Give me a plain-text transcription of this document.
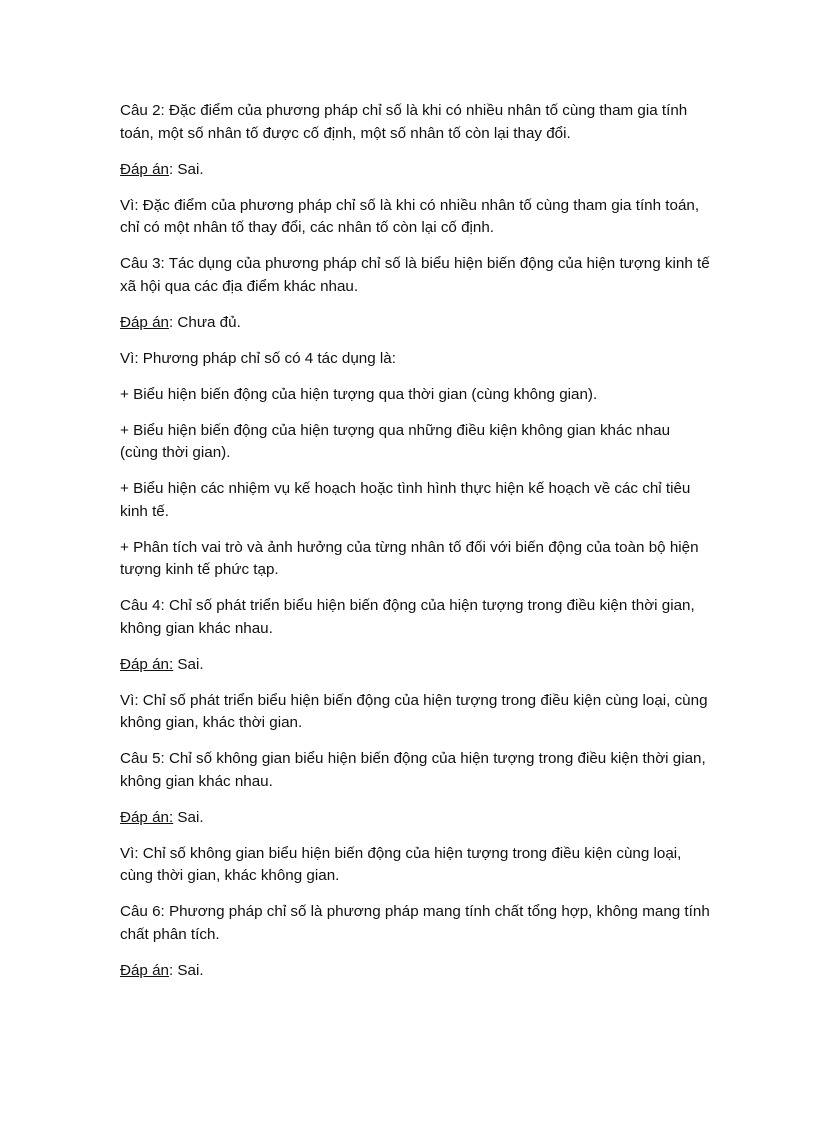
Câu 2: Đặc điểm của phương pháp chỉ số là khi có nhiều nhân tố cùng tham gia tính toán, một số nhân tố được cố định, một số nhân tố còn lại thay đổi.

Đáp án: Sai.

Vì: Đặc điểm của phương pháp chỉ số là khi có nhiều nhân tố cùng tham gia tính toán, chỉ có một nhân tố thay đổi, các nhân tố còn lại cố định.

Câu 3: Tác dụng của phương pháp chỉ số là biểu hiện biến động của hiện tượng kinh tế xã hội qua các địa điểm khác nhau.

Đáp án: Chưa đủ.

Vì: Phương pháp chỉ số có 4 tác dụng là:

+ Biểu hiện biến động của hiện tượng qua thời gian (cùng không gian).

+ Biểu hiện biến động của hiện tượng qua những điều kiện không gian khác nhau (cùng thời gian).

+ Biểu hiện các nhiệm vụ kế hoạch hoặc tình hình thực hiện kế hoạch về các chỉ tiêu kinh tế.

+ Phân tích vai trò và ảnh hưởng của từng nhân tố đối với biến động của toàn bộ hiện tượng kinh tế phức tạp.

Câu 4: Chỉ số phát triển biểu hiện biến động của hiện tượng trong điều kiện thời gian, không gian khác nhau.

Đáp án: Sai.

Vì: Chỉ số phát triển biểu hiện biến động của hiện tượng trong điều kiện cùng loại, cùng không gian, khác thời gian.

Câu 5: Chỉ số không gian biểu hiện biến động của hiện tượng trong điều kiện thời gian, không gian khác nhau.

Đáp án: Sai.

Vì: Chỉ số không gian biểu hiện biến động của hiện tượng trong điều kiện cùng loại, cùng thời gian, khác không gian.

Câu 6: Phương pháp chỉ số là phương pháp mang tính chất tổng hợp, không mang tính chất phân tích.

Đáp án: Sai.
